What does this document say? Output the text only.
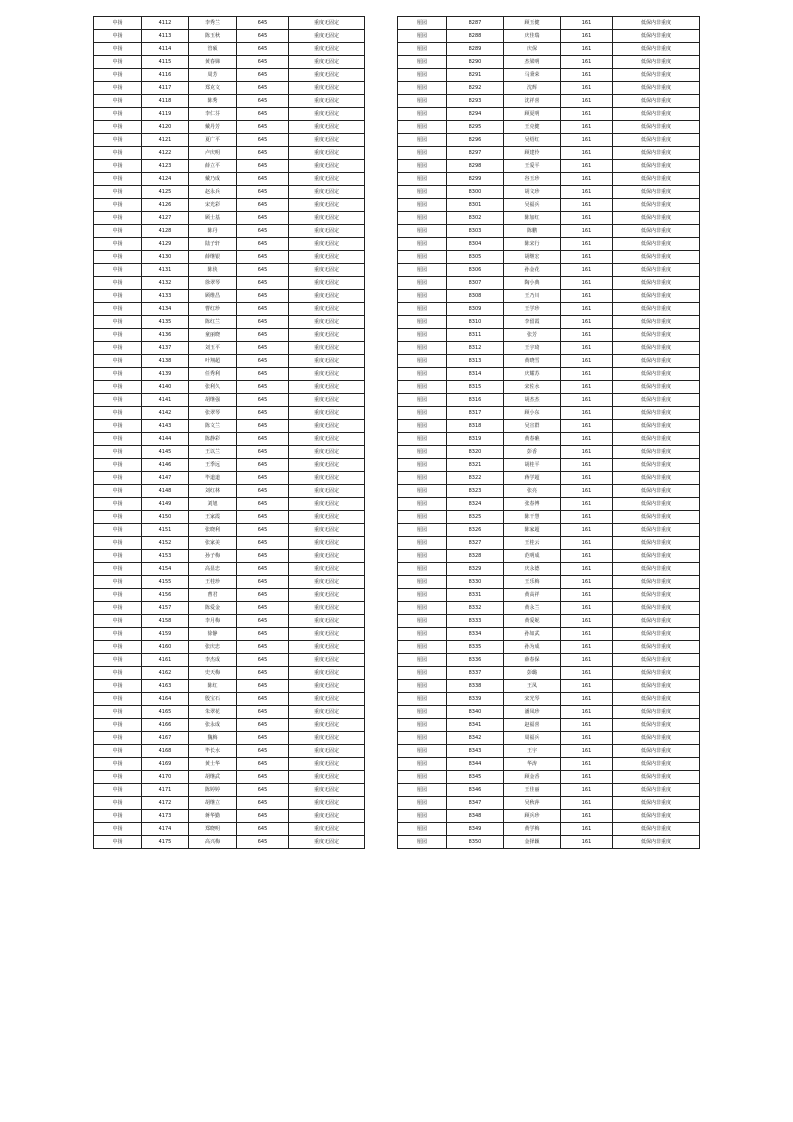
中扬	4112	李秀兰	645	重度无固定
中扬	4113	陈玉秋	645	重度无固定
中扬	4114	管硕	645	重度无固定
中扬	4115	黄春娣	645	重度无固定
中扬	4116	周芳	645	重度无固定
中扬	4117	郑克文	645	重度无固定
中扬	4118	陈秀	645	重度无固定
中扬	4119	李仁芬	645	重度无固定
中扬	4120	戴丹芳	645	重度无固定
中扬	4121	夏广平	645	重度无固定
中扬	4122	卢庆明	645	重度无固定
中扬	4123	薛立平	645	重度无固定
中扬	4124	戴乃成	645	重度无固定
中扬	4125	赵永兵	645	重度无固定
中扬	4126	宋光彩	645	重度无固定
中扬	4127	顾士基	645	重度无固定
中扬	4128	陈丹	645	重度无固定
中扬	4129	陆子轩	645	重度无固定
中扬	4130	薛继银	645	重度无固定
中扬	4131	陈侠	645	重度无固定
中扬	4132	徐翠琴	645	重度无固定
中扬	4133	顾维昌	645	重度无固定
中扬	4134	曹红珍	645	重度无固定
中扬	4135	陈红兰	645	重度无固定
中扬	4136	童丽晓	645	重度无固定
中扬	4137	刘玉平	645	重度无固定
中扬	4138	叶翔超	645	重度无固定
中扬	4139	任秀利	645	重度无固定
中扬	4140	张利久	645	重度无固定
中扬	4141	胡继强	645	重度无固定
中扬	4142	张翠琴	645	重度无固定
中扬	4143	陈文兰	645	重度无固定
中扬	4144	陈静彩	645	重度无固定
中扬	4145	王以兰	645	重度无固定
中扬	4146	王季远	645	重度无固定
中扬	4147	毕道道	645	重度无固定
中扬	4148	刘红林	645	重度无固定
中扬	4149	刘旭	645	重度无固定
中扬	4150	王家霞	645	重度无固定
中扬	4151	张晓利	645	重度无固定
中扬	4152	张家美	645	重度无固定
中扬	4153	孙子梅	645	重度无固定
中扬	4154	高显忠	645	重度无固定
中扬	4155	王桂珍	645	重度无固定
中扬	4156	曹君	645	重度无固定
中扬	4157	陈爱金	645	重度无固定
中扬	4158	李月梅	645	重度无固定
中扬	4159	徐静	645	重度无固定
中扬	4160	张庆忠	645	重度无固定
中扬	4161	李杰成	645	重度无固定
中扬	4162	史天梅	645	重度无固定
中扬	4163	陈红	645	重度无固定
中扬	4164	殷宝石	645	重度无固定
中扬	4165	朱翠花	645	重度无固定
中扬	4166	张永成	645	重度无固定
中扬	4167	魏梅	645	重度无固定
中扬	4168	毕长水	645	重度无固定
中扬	4169	黄士华	645	重度无固定
中扬	4170	胡继武	645	重度无固定
中扬	4171	陈婷婷	645	重度无固定
中扬	4172	胡继立	645	重度无固定
中扬	4173	蒋华勤	645	重度无固定
中扬	4174	郑晓明	645	重度无固定
中扬	4175	高兴梅	645	重度无固定
厘园	8287	顾玉健	161	低保内非重度
厘园	8288	庆佳瑞	161	低保内非重度
厘园	8289	庆保	161	低保内非重度
厘园	8290	杰梁明	161	低保内非重度
厘园	8291	马秉荣	161	低保内非重度
厘园	8292	沈辉	161	低保内非重度
厘园	8293	沈祥喜	161	低保内非重度
厘园	8294	顾夏明	161	低保内非重度
厘园	8295	王克健	161	低保内非重度
厘园	8296	吴绍红	161	低保内非重度
厘园	8297	顾建伶	161	低保内非重度
厘园	8298	王爱平	161	低保内非重度
厘园	8299	谷玉珍	161	低保内非重度
厘园	8300	胡文珍	161	低保内非重度
厘园	8301	吴福兵	161	低保内非重度
厘园	8302	陈加红	161	低保内非重度
厘园	8303	陈鹏	161	低保内非重度
厘园	8304	陈宋行	161	低保内非重度
厘园	8305	胡继宏	161	低保内非重度
厘园	8306	孙金花	161	低保内非重度
厘园	8307	陶小典	161	低保内非重度
厘园	8308	王乃川	161	低保内非重度
厘园	8309	王学珍	161	低保内非重度
厘园	8310	李留霞	161	低保内非重度
厘园	8311	张芳	161	低保内非重度
厘园	8312	王宇琦	161	低保内非重度
厘园	8313	黄晓雪	161	低保内非重度
厘园	8314	庆耀苏	161	低保内非重度
厘园	8315	宋佐水	161	低保内非重度
厘园	8316	胡杰杰	161	低保内非重度
厘园	8317	顾小东	161	低保内非重度
厘园	8318	吴宣群	161	低保内非重度
厘园	8319	黄春礁	161	低保内非重度
厘园	8320	彭香	161	低保内非重度
厘园	8321	胡桂平	161	低保内非重度
厘园	8322	蒋学超	161	低保内非重度
厘园	8323	张亮	161	低保内非重度
厘园	8324	张春博	161	低保内非重度
厘园	8325	陈干慧	161	低保内非重度
厘园	8326	陈家超	161	低保内非重度
厘园	8327	王桂云	161	低保内非重度
厘园	8328	范明成	161	低保内非重度
厘园	8329	庆永德	161	低保内非重度
厘园	8330	王乐梅	161	低保内非重度
厘园	8331	黄高祥	161	低保内非重度
厘园	8332	黄永兰	161	低保内非重度
厘园	8333	黄爱妮	161	低保内非重度
厘园	8334	孙如武	161	低保内非重度
厘园	8335	孙为成	161	低保内非重度
厘园	8336	薛春保	161	低保内非重度
厘园	8337	彭璐	161	低保内非重度
厘园	8338	王凤	161	低保内非重度
厘园	8339	宋光琴	161	低保内非重度
厘园	8340	潘凤珍	161	低保内非重度
厘园	8341	赵福喜	161	低保内非重度
厘园	8342	周福兵	161	低保内非重度
厘园	8343	王宇	161	低保内非重度
厘园	8344	华涛	161	低保内非重度
厘园	8345	顾金香	161	低保内非重度
厘园	8346	王佳丽	161	低保内非重度
厘园	8347	吴秋萍	161	低保内非重度
厘园	8348	顾兵珍	161	低保内非重度
厘园	8349	黄学梅	161	低保内非重度
厘园	8350	金择颖	161	低保内非重度
